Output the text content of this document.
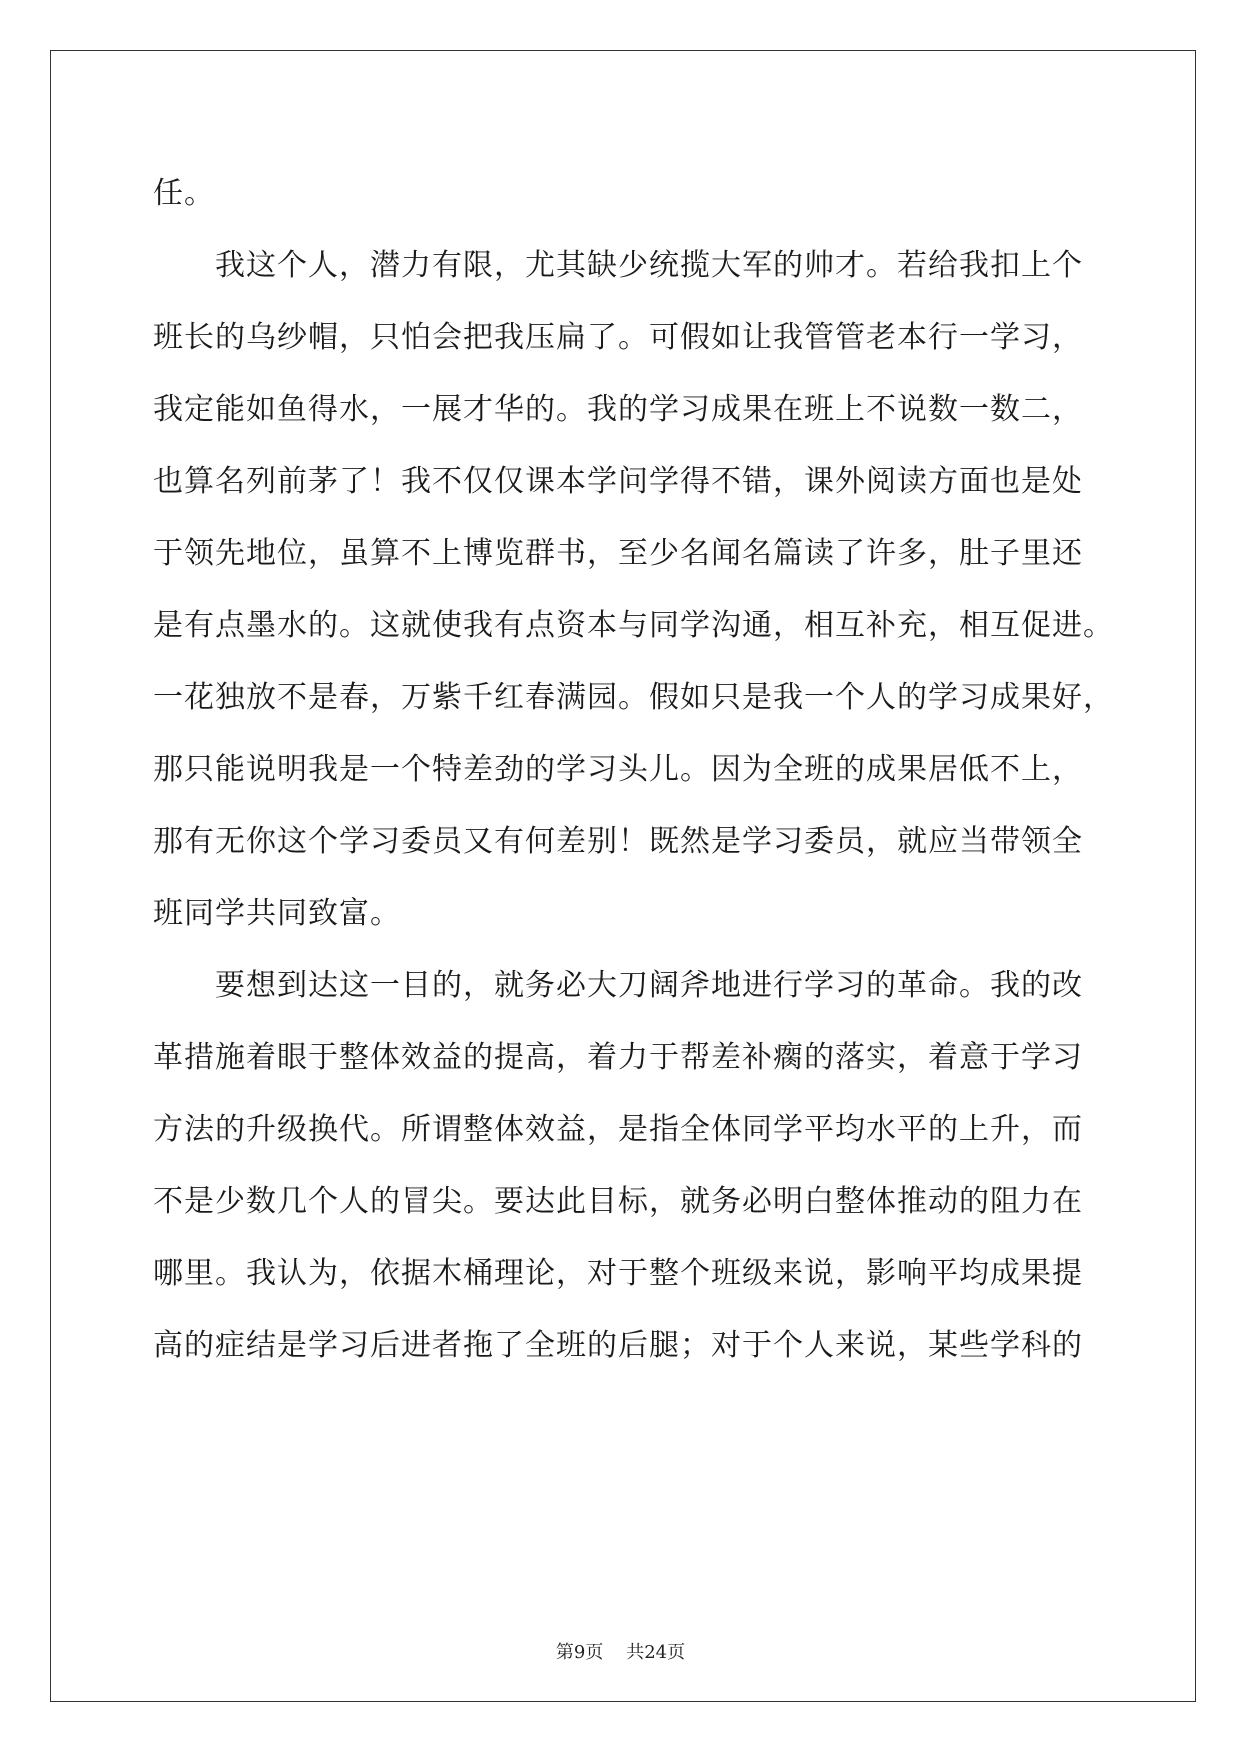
任。
我这个人，潜力有限，尤其缺少统揽大军的帅才。若给我扣上个
班长的乌纱帽，只怕会把我压扁了。可假如让我管管老本行一学习，
我定能如鱼得水，一展才华的。我的学习成果在班上不说数一数二，
也算名列前茅了！我不仅仅课本学问学得不错，课外阅读方面也是处
于领先地位，虽算不上博览群书，至少名闻名篇读了许多，肚子里还
是有点墨水的。这就使我有点资本与同学沟通，相互补充，相互促进。
一花独放不是春，万紫千红春满园。假如只是我一个人的学习成果好，
那只能说明我是一个特差劲的学习头儿。因为全班的成果居低不上，
那有无你这个学习委员又有何差别！既然是学习委员，就应当带领全
班同学共同致富。
要想到达这一目的，就务必大刀阔斧地进行学习的革命。我的改
革措施着眼于整体效益的提高，着力于帮差补瘸的落实，着意于学习
方法的升级换代。所谓整体效益，是指全体同学平均水平的上升，而
不是少数几个人的冒尖。要达此目标，就务必明白整体推动的阻力在
哪里。我认为，依据木桶理论，对于整个班级来说，影响平均成果提
高的症结是学习后进者拖了全班的后腿；对于个人来说，某些学科的
第9页 共24页
